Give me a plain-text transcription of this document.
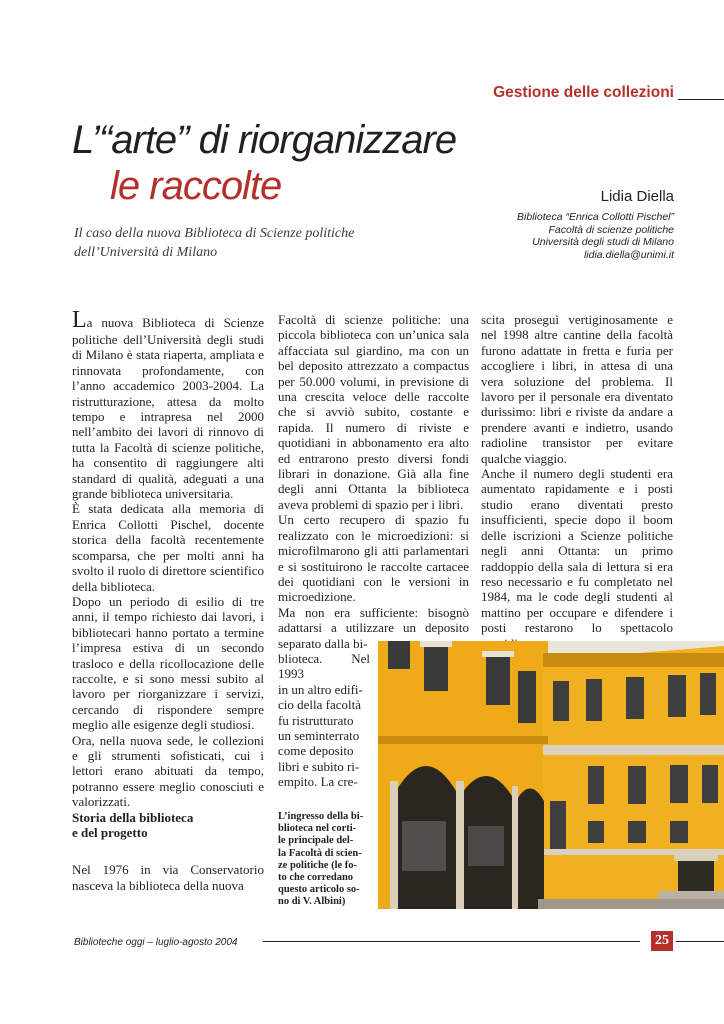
Gestione delle collezioni

L’“arte” di riorganizzare
le raccolte	Lidia Diella

Biblioteca “Enrica Collotti Pischel”
Facoltà di scienze politiche
Università degli studi di Milano
lidia.diella@unimi.it

Il caso della nuova Biblioteca di Scienze politiche
dell’Università di Milano

La nuova Biblioteca di Scienze politiche dell’Università degli studi di Milano è stata riaperta, ampliata e rinnovata profondamente, con l’anno accademico 2003-2004. La ristrutturazione, attesa da molto tempo e intrapresa nel 2000 nell’ambito dei lavori di rinnovo di tutta la Facoltà di scienze politiche, ha consentito di raggiungere alti standard di qualità, adeguati a una grande biblioteca universitaria.

È stata dedicata alla memoria di Enrica Collotti Pischel, docente storica della facoltà recentemente scomparsa, che per molti anni ha svolto il ruolo di direttore scientifico della biblioteca.

Dopo un periodo di esilio di tre anni, il tempo richiesto dai lavori, i bibliotecari hanno portato a termine l’impresa estiva di un secondo trasloco e della ricollocazione delle raccolte, e si sono messi subito al lavoro per riorganizzare i servizi, cercando di rispondere sempre meglio alle esigenze degli studiosi.

Ora, nella nuova sede, le collezioni e gli strumenti sofisticati, cui i lettori erano abituati da tempo, potranno essere meglio conosciuti e valorizzati.

Storia della biblioteca
e del progetto

Nel 1976 in via Conservatorio nasceva la biblioteca della nuova

Facoltà di scienze politiche: una piccola biblioteca con un’unica sala affacciata sul giardino, ma con un bel deposito attrezzato a compactus per 50.000 volumi, in previsione di una crescita veloce delle raccolte che si avviò subito, costante e rapida. Il numero di riviste e quotidiani in abbonamento era alto ed entrarono presto diversi fondi librari in donazione. Già alla fine degli anni Ottanta la biblioteca aveva problemi di spazio per i libri.

Un certo recupero di spazio fu realizzato con le microedizioni: si microfilmarono gli atti parlamentari e si sostituirono le raccolte cartacee dei quotidiani con le versioni in microedizione.

Ma non era sufficiente: bisognò adattarsi a utilizzare un deposito separato dalla bi-

blioteca. Nel 1993

in un altro edifi-

cio della facoltà

fu ristrutturato

un seminterrato

come deposito

libri e subito ri-

empito. La cre-

scita proseguì vertiginosamente e nel 1998 altre cantine della facoltà furono adattate in fretta e furia per accogliere i libri, in attesa di una vera soluzione del problema. Il lavoro per il personale era diventato durissimo: libri e riviste da andare a prendere avanti e indietro, usando radioline transistor per evitare qualche viaggio.

Anche il numero degli studenti era aumentato rapidamente e i posti studio erano diventati presto insufficienti, specie dopo il boom delle iscrizioni a Scienze politiche negli anni Ottanta: un primo raddoppio della sala di lettura si era reso necessario e fu completato nel 1984, ma le code degli studenti al mattino per occupare e difendere i posti restarono lo spettacolo

L’ingresso della bi-
blioteca nel corti-
le principale del-
la Facoltà di scien-
ze politiche (le fo-
to che corredano
questo articolo so-
no di V. Albini)

Biblioteche oggi – luglio-agosto 2004	25
